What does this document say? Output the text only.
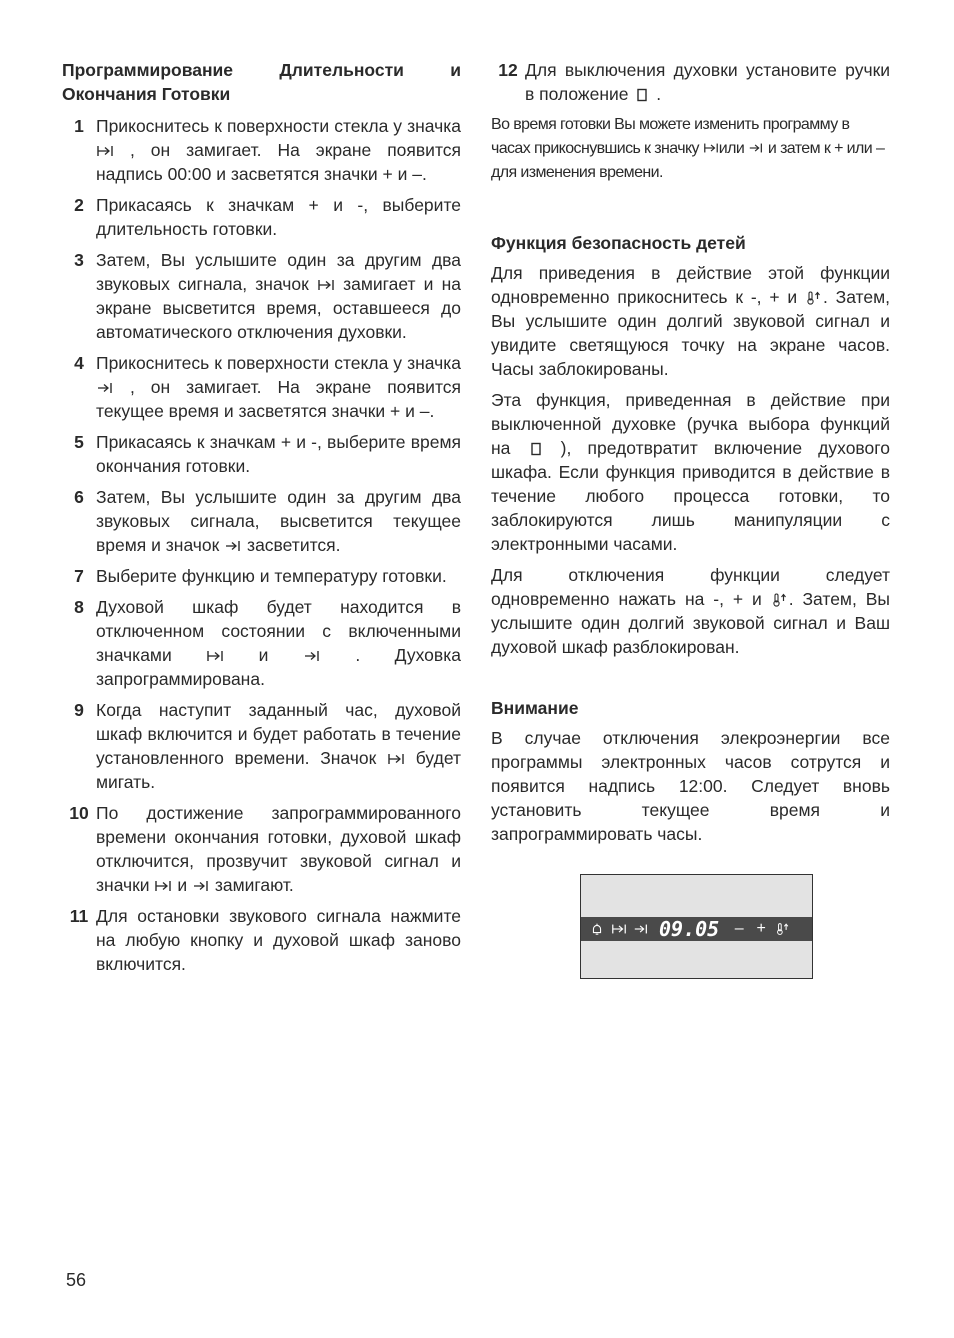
Программирование Длительности и

Окончания Готовки

1 Прикоснитесь к поверхности стекла у значка
, он замигает. На экране появится надпись 00:00 и засветятся значки + и –.
2 Прикасаясь к значкам + и -, выберите длительность готовки.
3 Затем, Вы услышите один за другим два звуковых сигнала, значок
замигает и на экране высветится время, оставшееся до автоматического отключения духовки.
4 Прикоснитесь к поверхности стекла у значка
, он замигает. На экране появится текущее время и засветятся значки + и –.
5 Прикасаясь к значкам + и -, выберите время окончания готовки.
6 Затем, Вы услышите один за другим два звуковых сигнала, высветится текущее время и значок
засветится.
7 Выберите функцию и температуру готовки.
8 Духовой шкаф будет находится в отключенном состоянии с включенными значками
и
. Духовка запрограммирована.
9 Когда наступит заданный час, духовой шкаф включится и будет работать в течение установленного времени. Значок
будет мигать.
10 По достижение запрограммированного времени окончания готовки, духовой шкаф отключится, прозвучит звуковой сигнал и значки
и
замигают.
11 Для остановки звукового сигнала нажмите на любую кнопку и духовой шкаф заново включится.
12 Для выключения духовки установите ручки в положение
.

Во время готовки Вы можете изменить программу в часах прикоснувшись к значку
или
и затем к + или – для изменения времени.

Функция безопасность детей

Для приведения в действие этой функции одновременно прикоснитесь к -, + и
. Затем, Вы услышите один долгий звуковой сигнал и увидите светящуюся точку на экране часов. Часы заблокированы.

Эта функция, приведенная в действие при выключенной духовке (ручка выбора функций на
), предотвратит включение духового шкафа. Если функция приводится в действие в течение любого процесса готовки, то заблокируются лишь манипуляции с электронными часами.

Для отключения функции следует одновременно нажать на -, + и
. Затем, Вы услышите один долгий звуковой сигнал и Ваш духовой шкаф разблокирован.

Внимание

В случае отключения элекроэнергии все программы электронных часов сотрутся и появится надпись 12:00. Следует вновь установить текущее время и запрограммировать часы.

09.05 – +
56
